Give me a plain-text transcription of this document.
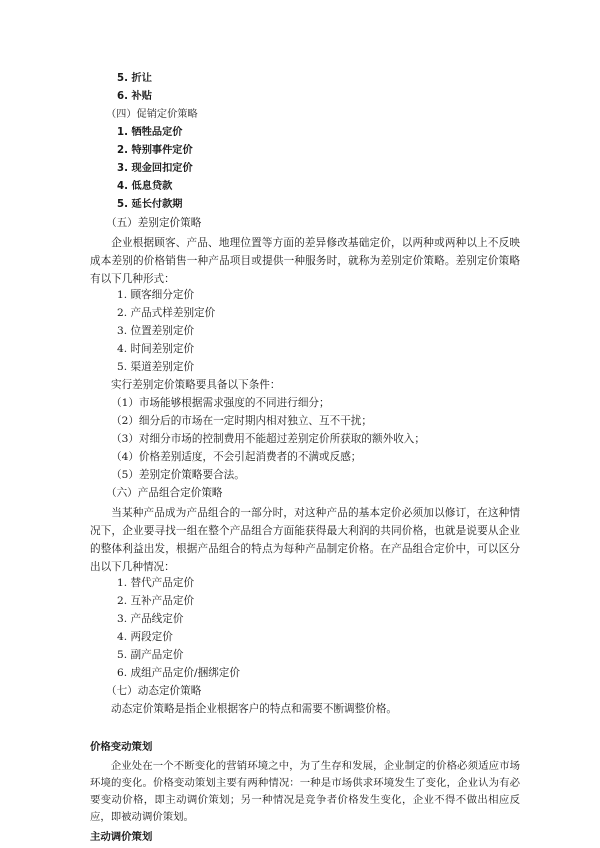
5. 折让
6. 补贴
（四）促销定价策略
1. 牺牲品定价
2. 特别事件定价
3. 现金回扣定价
4. 低息贷款
5. 延长付款期
（五）差别定价策略
企业根据顾客、产品、地理位置等方面的差异修改基础定价，以两种或两种以上不反映成本差别的价格销售一种产品项目或提供一种服务时，就称为差别定价策略。差别定价策略有以下几种形式：
1. 顾客细分定价
2. 产品式样差别定价
3. 位置差别定价
4. 时间差别定价
5. 渠道差别定价
实行差别定价策略要具备以下条件：
（1）市场能够根据需求强度的不同进行细分；
（2）细分后的市场在一定时期内相对独立、互不干扰；
（3）对细分市场的控制费用不能超过差别定价所获取的额外收入；
（4）价格差别适度，不会引起消费者的不满或反感；
（5）差别定价策略要合法。
（六）产品组合定价策略
当某种产品成为产品组合的一部分时，对这种产品的基本定价必须加以修订，在这种情况下，企业要寻找一组在整个产品组合方面能获得最大利润的共同价格，也就是说要从企业的整体利益出发，根据产品组合的特点为每种产品制定价格。在产品组合定价中，可以区分出以下几种情况：
1. 替代产品定价
2. 互补产品定价
3. 产品线定价
4. 两段定价
5. 副产品定价
6. 成组产品定价/捆绑定价
（七）动态定价策略
动态定价策略是指企业根据客户的特点和需要不断调整价格。
价格变动策划
企业处在一个不断变化的营销环境之中，为了生存和发展，企业制定的价格必须适应市场环境的变化。价格变动策划主要有两种情况：一种是市场供求环境发生了变化，企业认为有必要变动价格，即主动调价策划；另一种情况是竞争者价格发生变化，企业不得不做出相应反应，即被动调价策划。
主动调价策划
